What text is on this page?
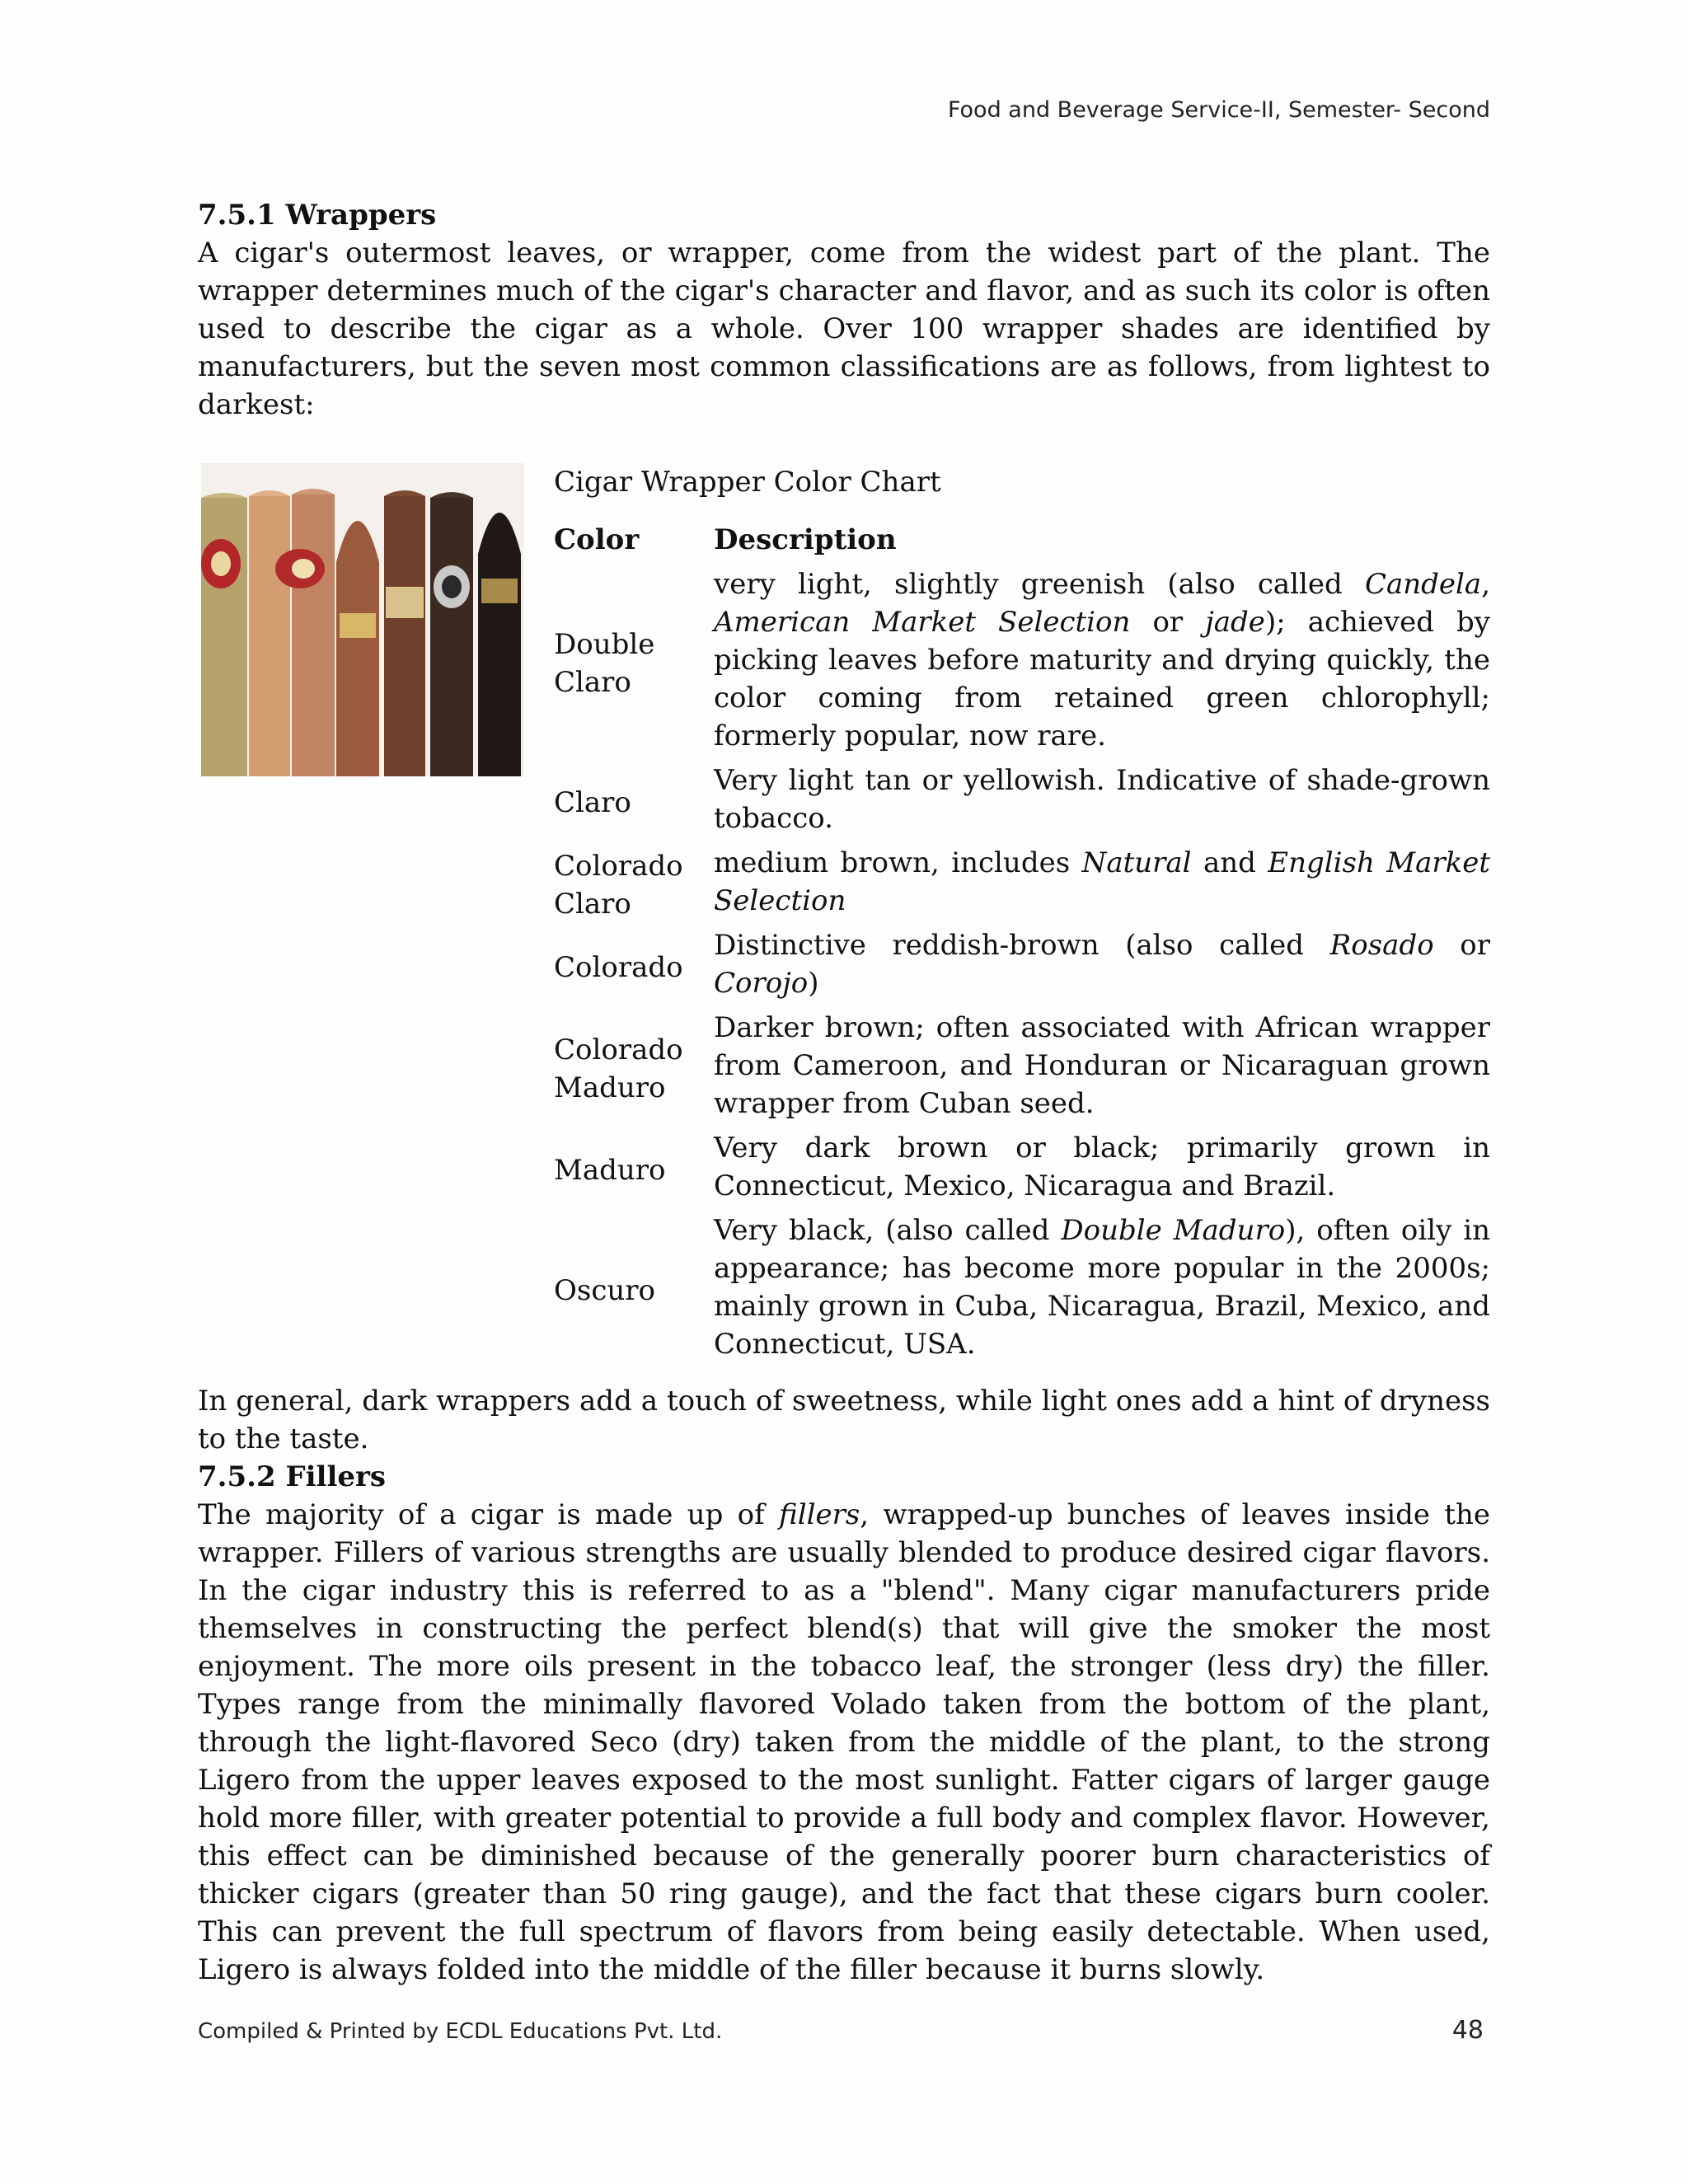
Food and Beverage Service-II, Semester- Second

7.5.1 Wrappers

A cigar's outermost leaves, or wrapper, come from the widest part of the plant. The wrapper determines much of the cigar's character and flavor, and as such its color is often used to describe the cigar as a whole. Over 100 wrapper shades are identified by manufacturers, but the seven most common classifications are as follows, from lightest to darkest:

Cigar Wrapper Color Chart

Color	Description
Double Claro	very light, slightly greenish (also called Candela, American Market Selection or jade); achieved by picking leaves before maturity and drying quickly, the color coming from retained green chlorophyll; formerly popular, now rare.
Claro	Very light tan or yellowish. Indicative of shade-grown tobacco.
Colorado Claro	medium brown, includes Natural and English Market Selection
Colorado	Distinctive reddish-brown (also called Rosado or Corojo)
Colorado Maduro	Darker brown; often associated with African wrapper from Cameroon, and Honduran or Nicaraguan grown wrapper from Cuban seed.
Maduro	Very dark brown or black; primarily grown in Connecticut, Mexico, Nicaragua and Brazil.
Oscuro	Very black, (also called Double Maduro), often oily in appearance; has become more popular in the 2000s; mainly grown in Cuba, Nicaragua, Brazil, Mexico, and Connecticut, USA.

In general, dark wrappers add a touch of sweetness, while light ones add a hint of dryness to the taste.

7.5.2 Fillers

The majority of a cigar is made up of fillers, wrapped-up bunches of leaves inside the wrapper. Fillers of various strengths are usually blended to produce desired cigar flavors. In the cigar industry this is referred to as a "blend". Many cigar manufacturers pride themselves in constructing the perfect blend(s) that will give the smoker the most enjoyment. The more oils present in the tobacco leaf, the stronger (less dry) the filler. Types range from the minimally flavored Volado taken from the bottom of the plant, through the light-flavored Seco (dry) taken from the middle of the plant, to the strong Ligero from the upper leaves exposed to the most sunlight. Fatter cigars of larger gauge hold more filler, with greater potential to provide a full body and complex flavor. However, this effect can be diminished because of the generally poorer burn characteristics of thicker cigars (greater than 50 ring gauge), and the fact that these cigars burn cooler. This can prevent the full spectrum of flavors from being easily detectable. When used, Ligero is always folded into the middle of the filler because it burns slowly.

Compiled & Printed by ECDL Educations Pvt. Ltd.	48
